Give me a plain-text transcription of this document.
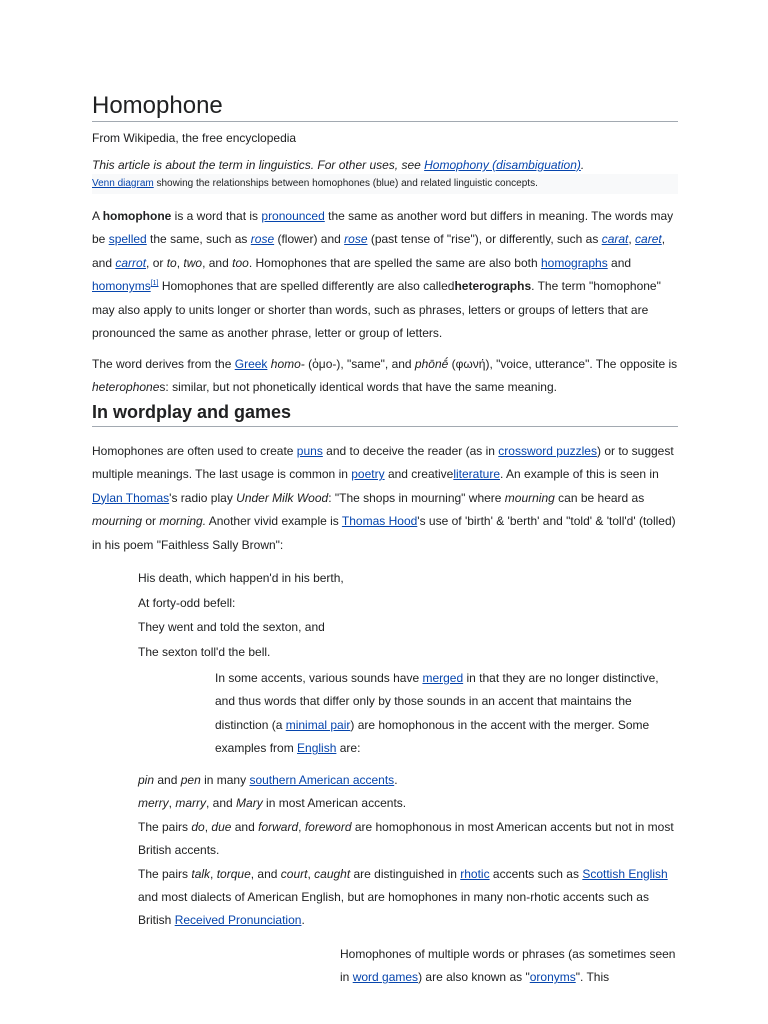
Homophone
From Wikipedia, the free encyclopedia
This article is about the term in linguistics. For other uses, see Homophony (disambiguation).
Venn diagram showing the relationships between homophones (blue) and related linguistic concepts.

A homophone is a word that is pronounced the same as another word but differs in meaning. The words may be spelled the same, such as rose (flower) and rose (past tense of "rise"), or differently, such as carat, caret, and carrot, or to, two, and too. Homophones that are spelled the same are also both homographs and homonyms[1] Homophones that are spelled differently are also calledheterographs. The term "homophone" may also apply to units longer or shorter than words, such as phrases, letters or groups of letters that are pronounced the same as another phrase, letter or group of letters.

The word derives from the Greek homo- (ὁμο‑), "same", and phōnḗ (φωνή), "voice, utterance". The opposite is heterophones: similar, but not phonetically identical words that have the same meaning.

In wordplay and games

Homophones are often used to create puns and to deceive the reader (as in crossword puzzles) or to suggest multiple meanings. The last usage is common in poetry and creativeliterature. An example of this is seen in Dylan Thomas's radio play Under Milk Wood: "The shops in mourning" where mourning can be heard as mourning or morning. Another vivid example is Thomas Hood's use of 'birth' & 'berth' and "told' & 'toll'd' (tolled) in his poem "Faithless Sally Brown":

His death, which happen'd in his berth,
At forty-odd befell:
They went and told the sexton, and
The sexton toll'd the bell.

In some accents, various sounds have merged in that they are no longer distinctive, and thus words that differ only by those sounds in an accent that maintains the distinction (a minimal pair) are homophonous in the accent with the merger. Some examples from English are:

pin and pen in many southern American accents.
merry, marry, and Mary in most American accents.
The pairs do, due and forward, foreword are homophonous in most American accents but not in most British accents.
The pairs talk, torque, and court, caught are distinguished in rhotic accents such as Scottish English and most dialects of American English, but are homophones in many non-rhotic accents such as British Received Pronunciation.

Homophones of multiple words or phrases (as sometimes seen in word games) are also known as "oronyms". This
